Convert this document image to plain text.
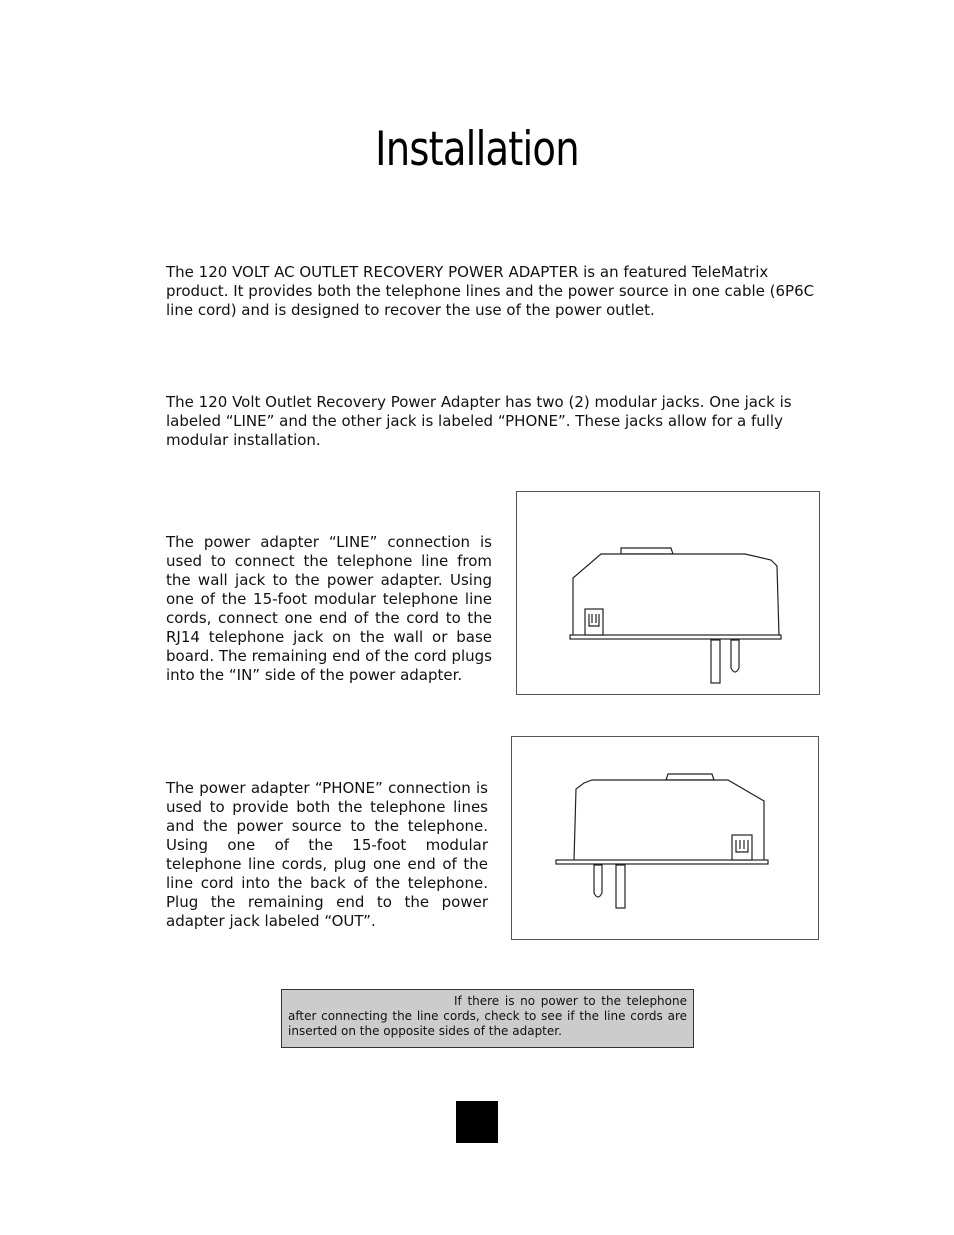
Installation

The 120 VOLT AC OUTLET RECOVERY POWER ADAPTER is an featured TeleMatrix product. It provides both the telephone lines and the power source in one cable (6P6C line cord) and is designed to recover the use of the power outlet.

The 120 Volt Outlet Recovery Power Adapter has two (2) modular jacks. One jack is labeled “LINE” and the other jack is labeled “PHONE”. These jacks allow for a fully modular installation.

The power adapter “LINE” connection is used to connect the telephone line from the wall jack to the power adapter. Using one of the 15-foot modular telephone line cords, connect one end of the cord to the RJ14 telephone jack on the wall or base board. The remaining end of the cord plugs into the “IN” side of the power adapter.

The power adapter “PHONE” connection is used to provide both the telephone lines and the power source to the telephone. Using one of the 15-foot modular telephone line cords, plug one end of the line cord into the back of the telephone. Plug the remaining end to the power adapter jack labeled “OUT”.

If there is no power to the telephone after connecting the line cords, check to see if the line cords are inserted on the opposite sides of the adapter.
